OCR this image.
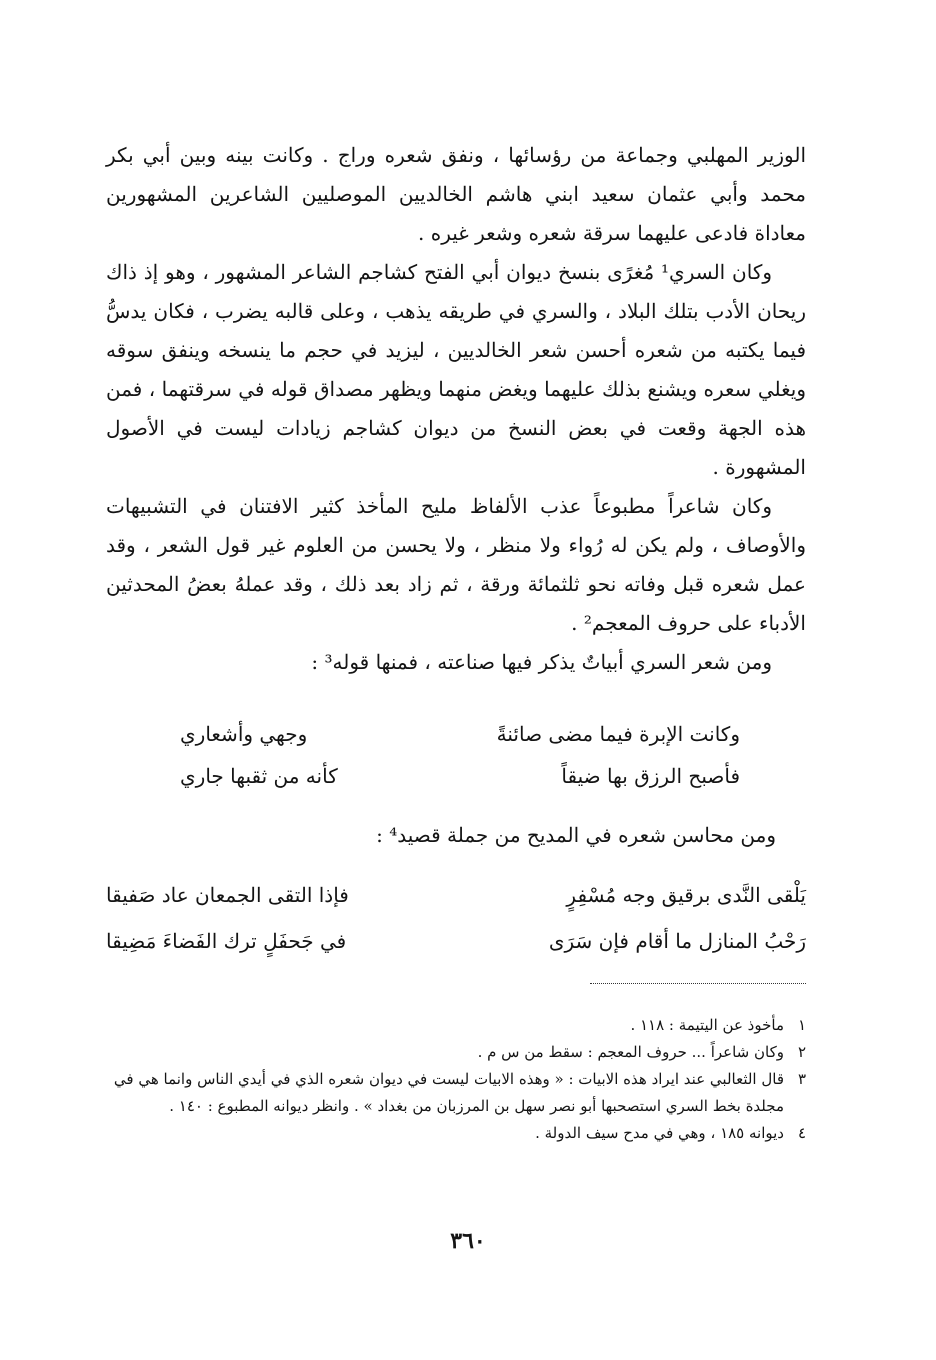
الوزير المهلبي وجماعة من رؤسائها ، ونفق شعره وراج . وكانت بينه وبين أبي بكر محمد وأبي عثمان سعيد ابني هاشم الخالديين الموصليين الشاعرين المشهورين معاداة فادعى عليهما سرقة شعره وشعر غيره .

وكان السري¹ مُغرًى بنسخ ديوان أبي الفتح كشاجم الشاعر المشهور ، وهو إذ ذاك ريحان الأدب بتلك البلاد ، والسري في طريقه يذهب ، وعلى قالبه يضرب ، فكان يدسُّ فيما يكتبه من شعره أحسن شعر الخالديين ، ليزيد في حجم ما ينسخه وينفق سوقه ويغلي سعره ويشنع بذلك عليهما ويغض منهما ويظهر مصداق قوله في سرقتهما ، فمن هذه الجهة وقعت في بعض النسخ من ديوان كشاجم زيادات ليست في الأصول المشهورة .

وكان شاعراً مطبوعاً عذب الألفاظ مليح المأخذ كثير الافتنان في التشبيهات والأوصاف ، ولم يكن له رُواء ولا منظر ، ولا يحسن من العلوم غير قول الشعر ، وقد عمل شعره قبل وفاته نحو ثلثمائة ورقة ، ثم زاد بعد ذلك ، وقد عملهُ بعضُ المحدثين الأدباء على حروف المعجم² .

ومن شعر السري أبياتٌ يذكر فيها صناعته ، فمنها قوله³ :

وكانت الإبرة فيما مضى صائنةً
وجهي وأشعاري
فأصبح الرزق بها ضيقاً
كأنه من ثقبها جاري
ومن محاسن شعره في المديح من جملة قصيد⁴ :
يَلْقى النَّدى برقيق وجه مُسْفِرٍ
فإذا التقى الجمعان عاد صَفيقا
رَحْبُ المنازل ما أقام فإن سَرَى
في جَحفَلٍ ترك الفَضاءَ مَضِيقا
١
مأخوذ عن اليتيمة : ١١٨ .
٢
وكان شاعراً ... حروف المعجم : سقط من س م .
٣
قال الثعالبي عند ايراد هذه الابيات : « وهذه الابيات ليست في ديوان شعره الذي في أيدي الناس وانما هي في مجلدة بخط السري استصحبها أبو نصر سهل بن المرزبان من بغداد » . وانظر ديوانه المطبوع : ١٤٠ .
٤
ديوانه ١٨٥ ، وهي في مدح سيف الدولة .
٣٦٠
